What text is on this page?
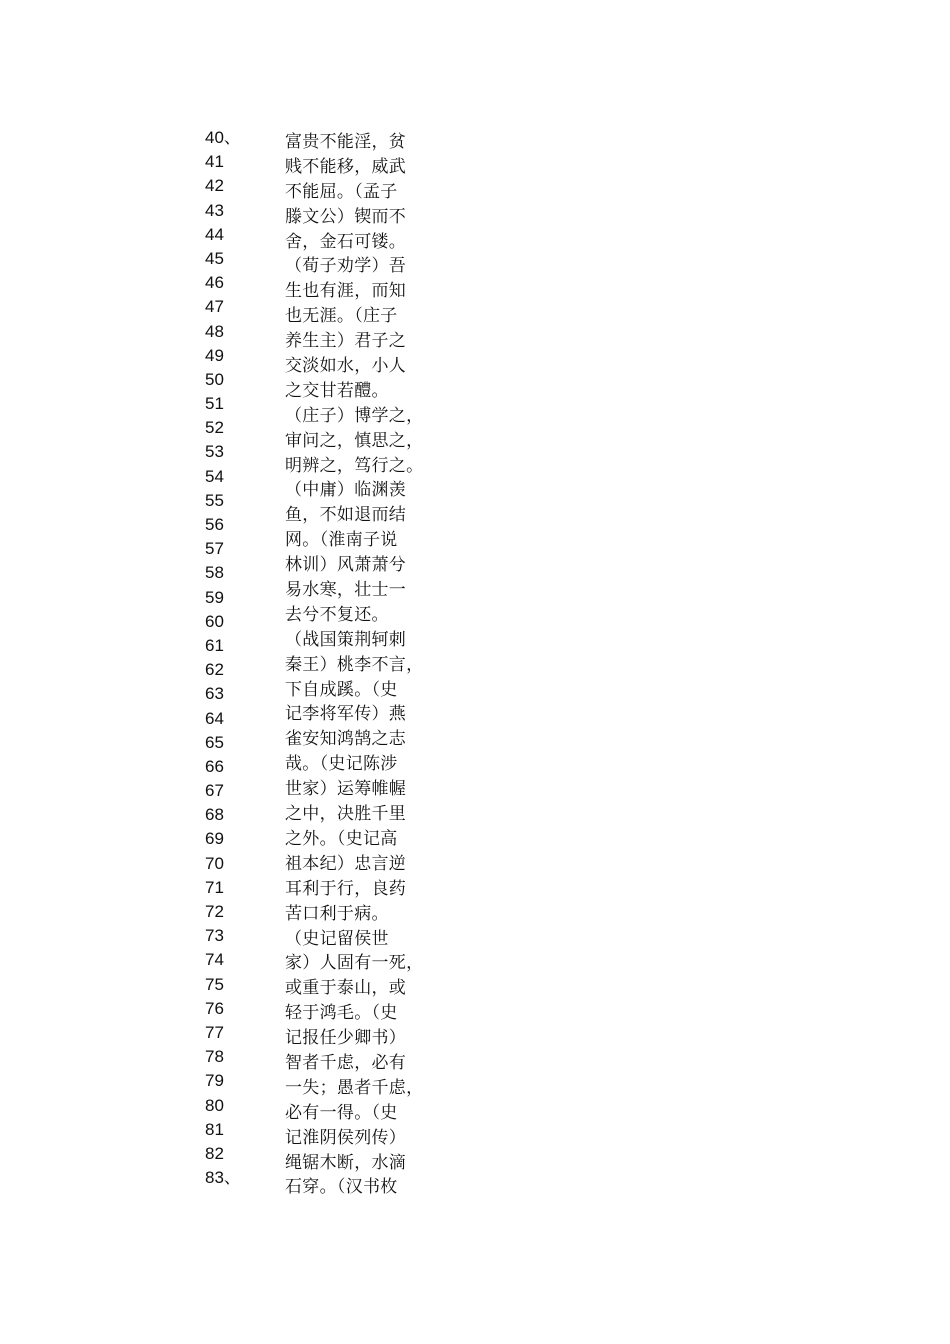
40、
41
42
43
44
45
46
47
48
49
50
51
52
53
54
55
56
57
58
59
60
61
62
63
64
65
66
67
68
69
70
71
72
73
74
75
76
77
78
79
80
81
82
83、
富贵不能淫，贫
贱不能移，威武
不能屈。（孟子
滕文公）锲而不
舍，金石可镂。
（荀子劝学）吾
生也有涯，而知
也无涯。（庄子
养生主）君子之
交淡如水，小人
之交甘若醴。
（庄子）博学之，
审问之，慎思之，
明辨之，笃行之。
（中庸）临渊羡
鱼，不如退而结
网。（淮南子说
林训）风萧萧兮
易水寒，壮士一
去兮不复还。
（战国策荆轲刺
秦王）桃李不言，
下自成蹊。（史
记李将军传）燕
雀安知鸿鹄之志
哉。（史记陈涉
世家）运筹帷幄
之中，决胜千里
之外。（史记高
祖本纪）忠言逆
耳利于行，良药
苦口利于病。
（史记留侯世
家）人固有一死，
或重于泰山，或
轻于鸿毛。（史
记报任少卿书）
智者千虑，必有
一失；愚者千虑，
必有一得。（史
记淮阴侯列传）
绳锯木断，水滴
石穿。（汉书枚
